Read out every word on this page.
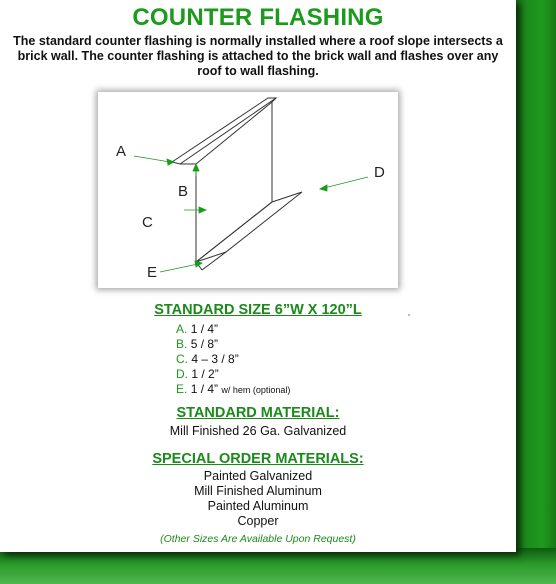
COUNTER FLASHING
The standard counter flashing is normally installed where a roof slope intersects a brick wall. The counter flashing is attached to the brick wall and flashes over any roof to wall flashing.
A
B
C
D
E
STANDARD SIZE 6”W X 120”L
A. 1 / 4”
B. 5 / 8”
C. 4 – 3 / 8”
D. 1 / 2”
E. 1 / 4” w/ hem (optional)
STANDARD MATERIAL:
Mill Finished 26 Ga. Galvanized
SPECIAL ORDER MATERIALS:
Painted Galvanized
Mill Finished Aluminum
Painted Aluminum
Copper
(Other Sizes Are Available Upon Request)
